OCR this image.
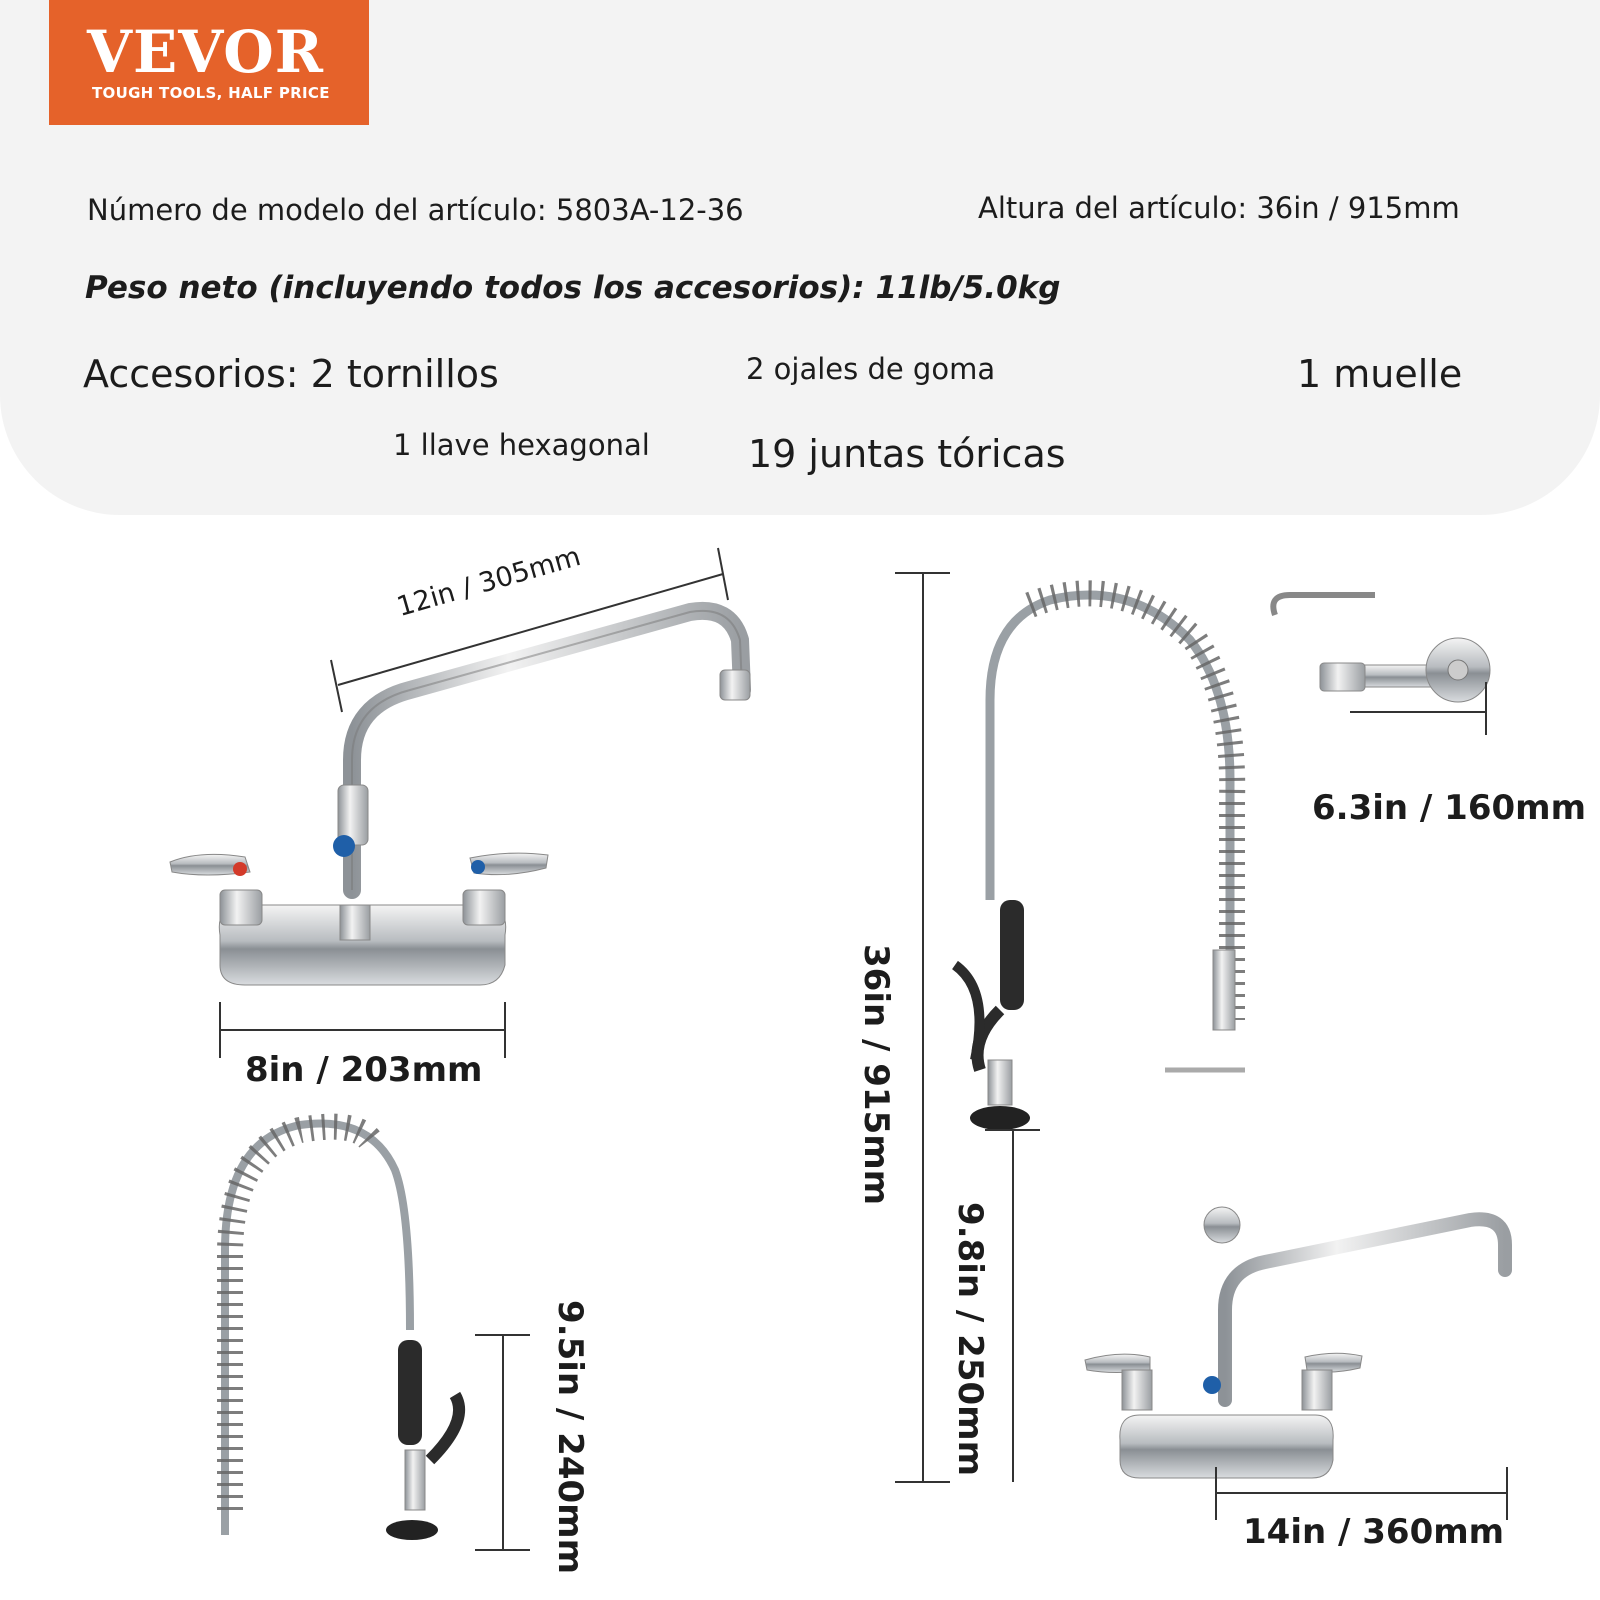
VEVOR
TOUGH TOOLS, HALF PRICE
Número de modelo del artículo: 5803A-12-36	Altura del artículo: 36in / 915mm
Peso neto (incluyendo todos los accesorios): 11lb/5.0kg
Accesorios: 2 tornillos	2 ojales de goma	1 muelle
1 llave hexagonal	19 juntas tóricas
12in / 305mm
8in / 203mm	36in / 915mm
6.3in / 160mm
9.8in / 250mm
9.5in / 240mm	14in / 360mm
